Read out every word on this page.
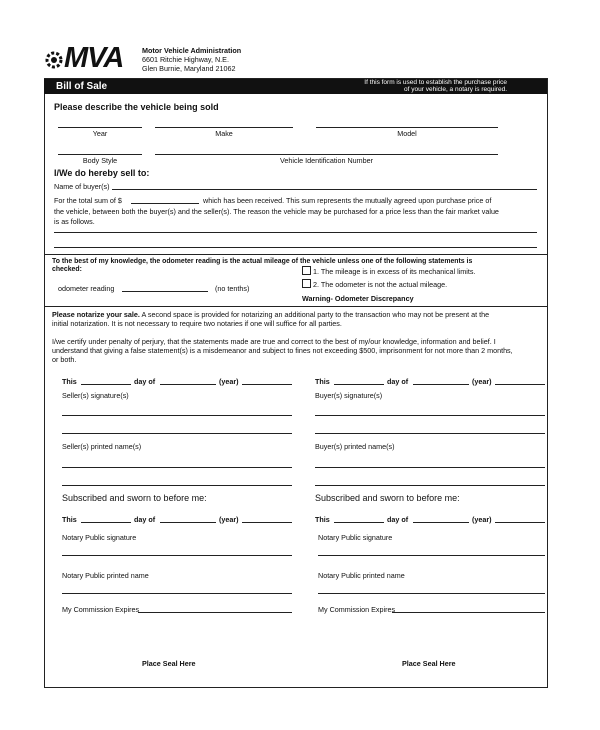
MVA	Motor Vehicle Administration
6601 Ritchie Highway, N.E.
Glen Burnie, Maryland 21062
Bill of Sale	If this form is used to establish the purchase price
of your vehicle, a notary is required.
Please describe the vehicle being sold
Year	Make	Model
Body Style	Vehicle Identification Number
I/We do hereby sell to:
Name of buyer(s)
For the total sum of $	which has been received. This sum represents the mutually agreed upon purchase price of
the vehicle, between both the buyer(s) and the seller(s). The reason the vehicle may be purchased for a price less than the fair market value
is as follows.
To the best of my knowledge, the odometer reading is the actual mileage of the vehicle unless one of the following statements is
checked:	1. The mileage is in excess of its mechanical limits.
2. The odometer is not the actual mileage.
odometer reading	(no tenths)
Warning- Odometer Discrepancy
Please notarize your sale. A second space is provided for notarizing an additional party to the transaction who may not be present at the
initial notarization. It is not necessary to require two notaries if one will suffice for all parties.
I/we certify under penalty of perjury, that the statements made are true and correct to the best of my/our knowledge, information and belief. I
understand that giving a false statement(s) is a misdemeanor and subject to fines not exceeding $500, imprisonment for not more than 2 months,
or both.
This	day of	(year)
Seller(s) signature(s)
Seller(s) printed name(s)
Subscribed and sworn to before me:
This	day of	(year)
Notary Public signature
Notary Public printed name
My Commission Expires
Place Seal Here
This	day of	(year)
Buyer(s) signature(s)
Buyer(s) printed name(s)
Subscribed and sworn to before me:
This	day of	(year)
Notary Public signature
Notary Public printed name
My Commission Expires
Place Seal Here
